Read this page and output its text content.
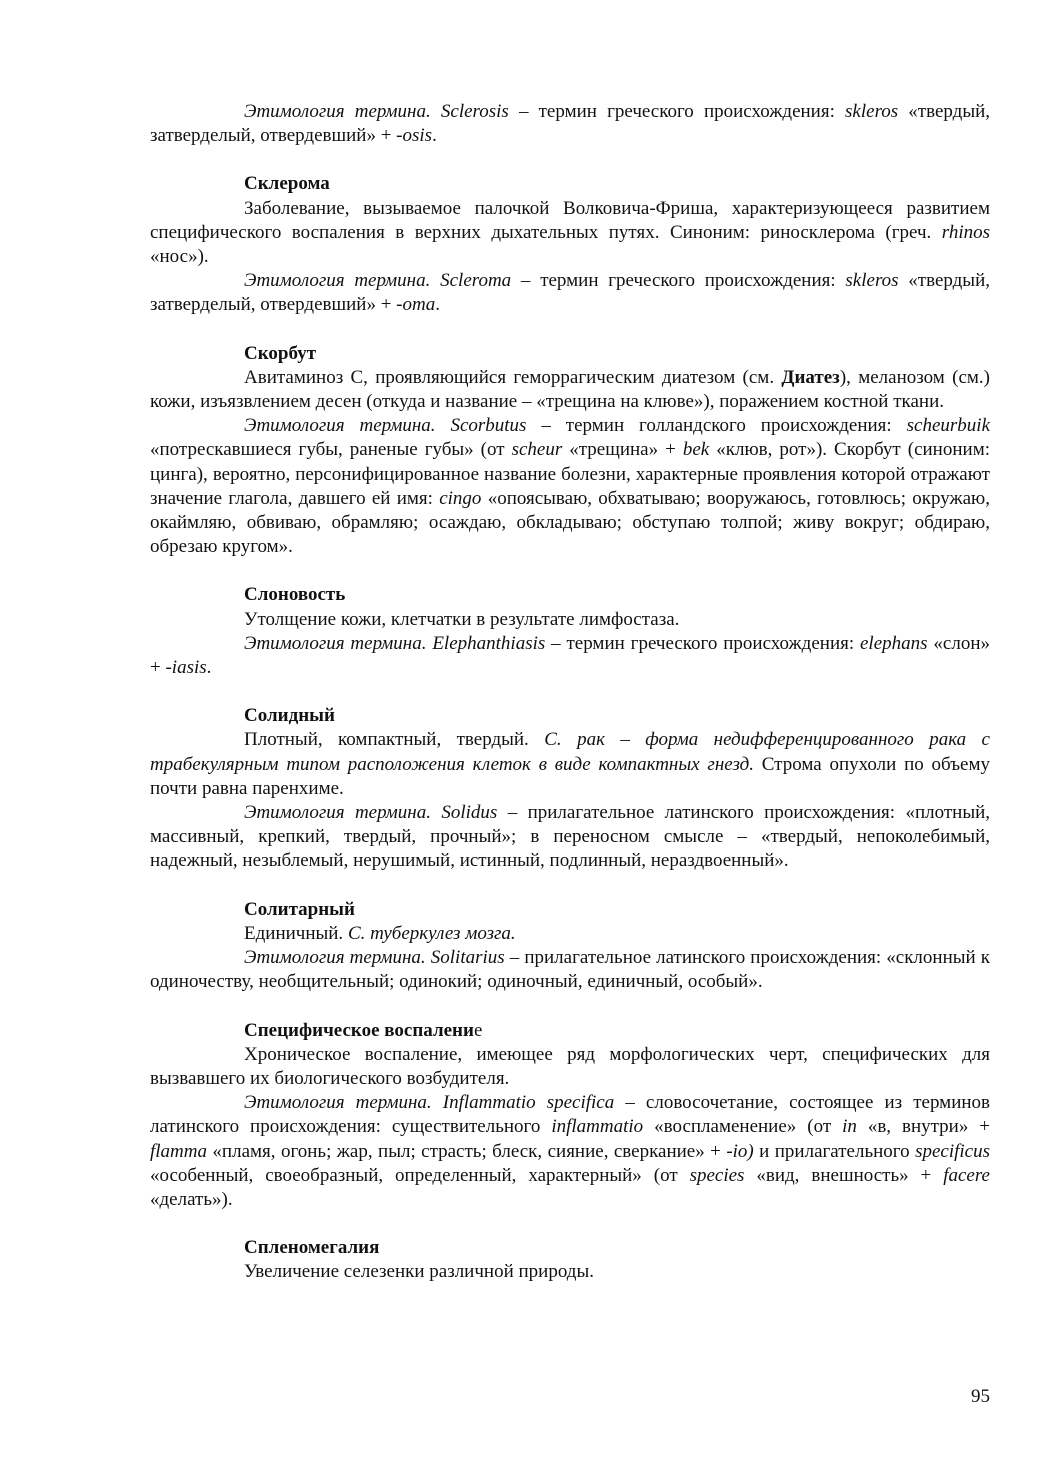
Этимология термина. Sclerosis – термин греческого происхождения: skleros «твердый, затверделый, отвердевший» + -osis.

Склерома

Заболевание, вызываемое палочкой Волковича-Фриша, характеризующееся развитием специфического воспаления в верхних дыхательных путях. Синоним: риносклерома (греч. rhinos «нос»).

Этимология термина. Scleroma – термин греческого происхождения: skleros «твердый, затверделый, отвердевший» + -oma.

Скорбут

Авитаминоз С, проявляющийся геморрагическим диатезом (см. Диатез), меланозом (см.) кожи, изъязвлением десен (откуда и название – «трещина на клюве»), поражением костной ткани.

Этимология термина. Scorbutus – термин голландского происхождения: scheurbuik «потрескавшиеся губы, раненые губы» (от scheur «трещина» + bek «клюв, рот»). Скорбут (синоним: цинга), вероятно, персонифицированное название болезни, характерные проявления которой отражают значение глагола, давшего ей имя: cingo «опоясываю, обхватываю; вооружаюсь, готовлюсь; окружаю, окаймляю, обвиваю, обрамляю; осаждаю, обкладываю; обступаю толпой; живу вокруг; обдираю, обрезаю кругом».

Слоновость

Утолщение кожи, клетчатки в результате лимфостаза.

Этимология термина. Elephanthiasis – термин греческого происхождения: elephans «слон» + -iasis.

Солидный

Плотный, компактный, твердый. С. рак – форма недифференцированного рака с трабекулярным типом расположения клеток в виде компактных гнезд. Строма опухоли по объему почти равна паренхиме.

Этимология термина. Solidus – прилагательное латинского происхождения: «плотный, массивный, крепкий, твердый, прочный»; в переносном смысле – «твердый, непоколебимый, надежный, незыблемый, нерушимый, истинный, подлинный, нераздвоенный».

Солитарный

Единичный. С. туберкулез мозга.

Этимология термина. Solitarius – прилагательное латинского происхождения: «склонный к одиночеству, необщительный; одинокий; одиночный, единичный, особый».

Специфическое воспаление

Хроническое воспаление, имеющее ряд морфологических черт, специфических для вызвавшего их биологического возбудителя.

Этимология термина. Inflammatio specifica – словосочетание, состоящее из терминов латинского происхождения: существительного inflammatio «воспламенение» (от in «в, внутри» + flamma «пламя, огонь; жар, пыл; страсть; блеск, сияние, сверкание» + -io) и прилагательного specificus «особенный, своеобразный, определенный, характерный» (от species «вид, внешность» + facere «делать»).

Спленомегалия

Увеличение селезенки различной природы.

95
